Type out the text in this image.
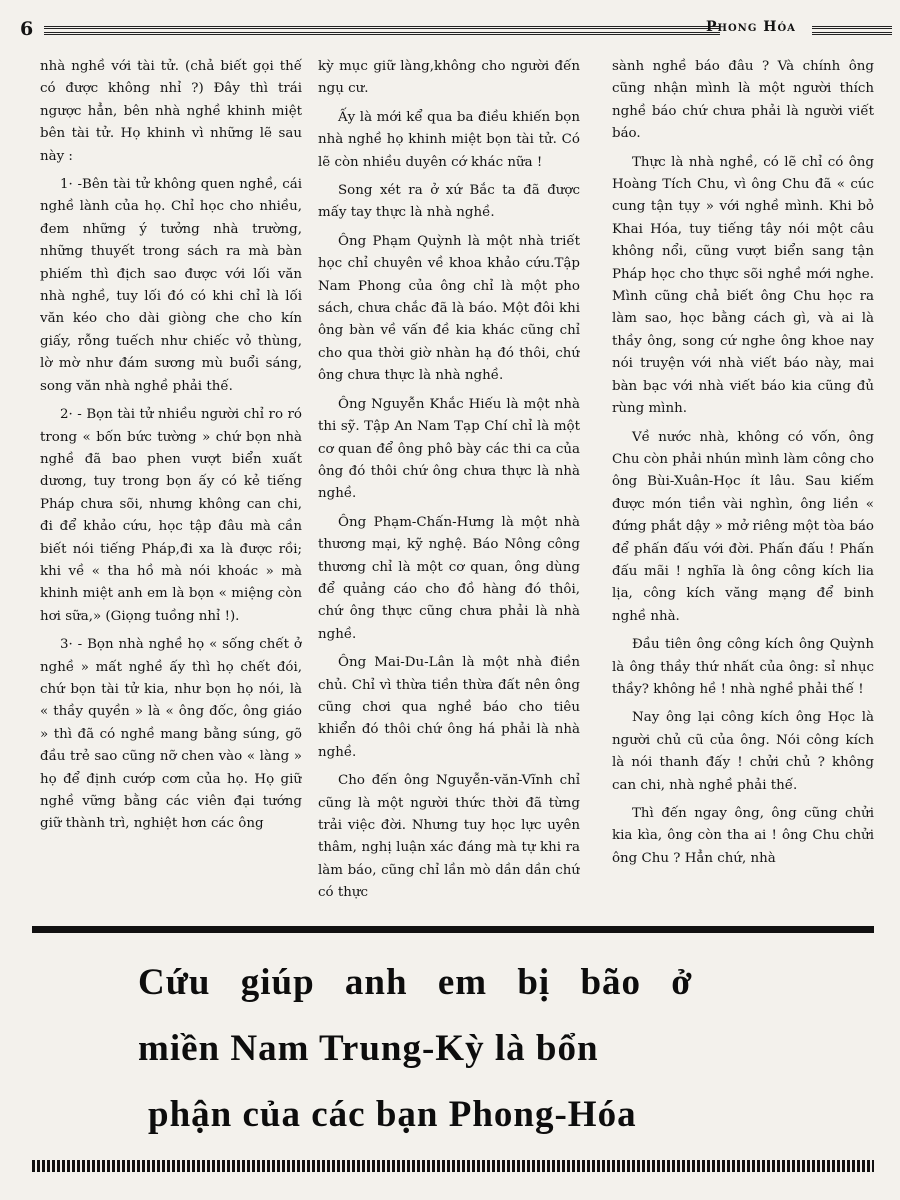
6	Phong Hóa

nhà nghề với tài tử. (chả biết gọi thế có được không nhỉ ?) Đây thì trái ngược hẳn, bên nhà nghề khinh miệt bên tài tử. Họ khinh vì những lẽ sau này :

1· -Bên tài tử không quen nghề, cái nghề lành của họ. Chỉ học cho nhiều, đem những ý tưởng nhà trường, những thuyết trong sách ra mà bàn phiếm thì địch sao được với lối văn nhà nghề, tuy lối đó có khi chỉ là lối văn kéo cho dài giòng che cho kín giấy, rỗng tuếch như chiếc vỏ thùng, lờ mờ như đám sương mù buổi sáng, song văn nhà nghề phải thế.

2· - Bọn tài tử nhiều người chỉ ro ró trong « bốn bức tường » chứ bọn nhà nghề đã bao phen vượt biển xuất dương, tuy trong bọn ấy có kẻ tiếng Pháp chưa sõi, nhưng không can chi, đi để khảo cứu, học tập đâu mà cần biết nói tiếng Pháp,đi xa là được rồi; khi về « tha hồ mà nói khoác » mà khinh miệt anh em là bọn « miệng còn hơi sữa,» (Giọng tuồng nhỉ !).

3· - Bọn nhà nghề họ « sống chết ở nghề » mất nghề ấy thì họ chết đói, chứ bọn tài tử kia, như bọn họ nói, là « thầy quyền » là « ông đốc, ông giáo » thì đã có nghề mang bằng súng, gõ đầu trẻ sao cũng nỡ chen vào « làng » họ để định cướp cơm của họ. Họ giữ nghề vững bằng các viên đại tướng giữ thành trì, nghiệt hơn các ông

kỳ mục giữ làng,không cho người đến ngụ cư.

Ấy là mới kể qua ba điều khiến bọn nhà nghề họ khinh miệt bọn tài tử. Có lẽ còn nhiều duyên cớ khác nữa !

Song xét ra ở xứ Bắc ta đã được mấy tay thực là nhà nghề.

Ông Phạm Quỳnh là một nhà triết học chỉ chuyên về khoa khảo cứu.Tập Nam Phong của ông chỉ là một pho sách, chưa chắc đã là báo. Một đôi khi ông bàn về vấn đề kia khác cũng chỉ cho qua thời giờ nhàn hạ đó thôi, chứ ông chưa thực là nhà nghề.

Ông Nguyễn Khắc Hiếu là một nhà thi sỹ. Tập An Nam Tạp Chí chỉ là một cơ quan để ông phô bày các thi ca của ông đó thôi chứ ông chưa thực là nhà nghề.

Ông Phạm-Chấn-Hưng là một nhà thương mại, kỹ nghệ. Báo Nông công thương chỉ là một cơ quan, ông dùng để quảng cáo cho đồ hàng đó thôi, chứ ông thực cũng chưa phải là nhà nghề.

Ông Mai-Du-Lân là một nhà điền chủ. Chỉ vì thừa tiền thừa đất nên ông cũng chơi qua nghề báo cho tiêu khiển đó thôi chứ ông há phải là nhà nghề.

Cho đến ông Nguyễn-văn-Vĩnh chỉ cũng là một người thức thời đã từng trải việc đời. Nhưng tuy học lực uyên thâm, nghị luận xác đáng mà tự khi ra làm báo, cũng chỉ lần mò dần dần chứ có thực

sành nghề báo đâu ? Và chính ông cũng nhận mình là một người thích nghề báo chứ chưa phải là người viết báo.

Thực là nhà nghề, có lẽ chỉ có ông Hoàng Tích Chu, vì ông Chu đã « cúc cung tận tụy » với nghề mình. Khi bỏ Khai Hóa, tuy tiếng tây nói một câu không nổi, cũng vượt biển sang tận Pháp học cho thực sõi nghề mới nghe. Mình cũng chả biết ông Chu học ra làm sao, học bằng cách gì, và ai là thầy ông, song cứ nghe ông khoe nay nói truyện với nhà viết báo này, mai bàn bạc với nhà viết báo kia cũng đủ rùng mình.

Về nước nhà, không có vốn, ông Chu còn phải nhún mình làm công cho ông Bùi-Xuân-Học ít lâu. Sau kiếm được món tiền vài nghìn, ông liền « đứng phắt dậy » mở riêng một tòa báo để phấn đấu với đời. Phấn đấu ! Phấn đấu mãi ! nghĩa là ông công kích lia lịa, công kích văng mạng để binh nghề nhà.

Đầu tiên ông công kích ông Quỳnh là ông thầy thứ nhất của ông: sỉ nhục thầy? không hề ! nhà nghề phải thế !

Nay ông lại công kích ông Học là người chủ cũ của ông. Nói công kích là nói thanh đấy ! chửi chủ ? không can chi, nhà nghề phải thế.

Thì đến ngay ông, ông cũng chửi kia kìa, ông còn tha ai ! ông Chu chửi ông Chu ? Hẳn chứ, nhà

Cứu giúp anh em bị bão ở
miền Nam Trung-Kỳ là bổn
phận của các bạn Phong-Hóa
